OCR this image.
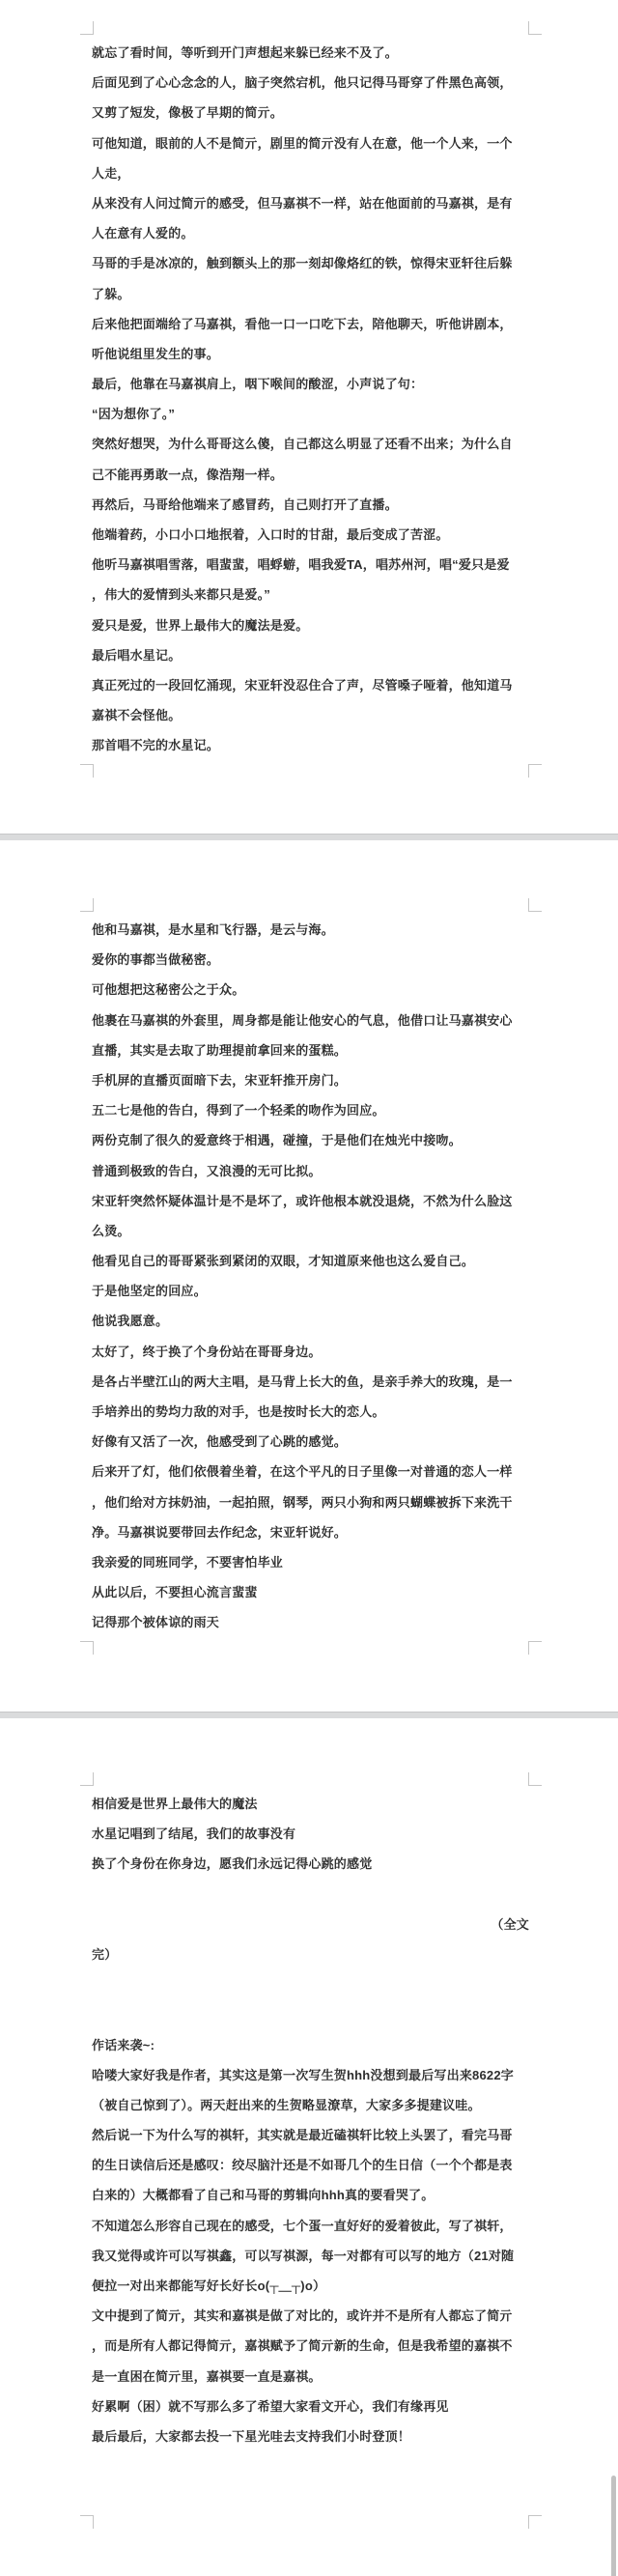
就忘了看时间，等听到开门声想起来躲已经来不及了。
后面见到了心心念念的人，脑子突然宕机，他只记得马哥穿了件黑色高领，
又剪了短发，像极了早期的简亓。
可他知道，眼前的人不是简亓，剧里的简亓没有人在意，他一个人来，一个
人走，
从来没有人问过简亓的感受，但马嘉祺不一样，站在他面前的马嘉祺，是有
人在意有人爱的。
马哥的手是冰凉的，触到额头上的那一刻却像烙红的铁，惊得宋亚轩往后躲
了躲。
后来他把面端给了马嘉祺，看他一口一口吃下去，陪他聊天，听他讲剧本，
听他说组里发生的事。
最后，他靠在马嘉祺肩上，咽下喉间的酸涩，小声说了句：
“因为想你了。”
突然好想哭，为什么哥哥这么傻，自己都这么明显了还看不出来；为什么自
己不能再勇敢一点，像浩翔一样。
再然后，马哥给他端来了感冒药，自己则打开了直播。
他端着药，小口小口地抿着，入口时的甘甜，最后变成了苦涩。
他听马嘉祺唱雪落，唱蜚蜚，唱蜉蝣，唱我爱TA，唱苏州河，唱“爱只是爱
，伟大的爱情到头来都只是爱。”
爱只是爱，世界上最伟大的魔法是爱。
最后唱水星记。
真正死过的一段回忆涌现，宋亚轩没忍住合了声，尽管嗓子哑着，他知道马
嘉祺不会怪他。
那首唱不完的水星记。
他和马嘉祺，是水星和飞行器，是云与海。
爱你的事都当做秘密。
可他想把这秘密公之于众。
他裹在马嘉祺的外套里，周身都是能让他安心的气息，他借口让马嘉祺安心
直播，其实是去取了助理提前拿回来的蛋糕。
手机屏的直播页面暗下去，宋亚轩推开房门。
五二七是他的告白，得到了一个轻柔的吻作为回应。
两份克制了很久的爱意终于相遇，碰撞，于是他们在烛光中接吻。
普通到极致的告白，又浪漫的无可比拟。
宋亚轩突然怀疑体温计是不是坏了，或许他根本就没退烧，不然为什么脸这
么烫。
他看见自己的哥哥紧张到紧闭的双眼，才知道原来他也这么爱自己。
于是他坚定的回应。
他说我愿意。
太好了，终于换了个身份站在哥哥身边。
是各占半壁江山的两大主唱，是马背上长大的鱼，是亲手养大的玫瑰，是一
手培养出的势均力敌的对手，也是按时长大的恋人。
好像有又活了一次，他感受到了心跳的感觉。
后来开了灯，他们依偎着坐着，在这个平凡的日子里像一对普通的恋人一样
，他们给对方抹奶油，一起拍照，钢琴，两只小狗和两只蝴蝶被拆下来洗干
净。马嘉祺说要带回去作纪念，宋亚轩说好。
我亲爱的同班同学，不要害怕毕业
从此以后，不要担心流言蜚蜚
记得那个被体谅的雨天
相信爱是世界上最伟大的魔法
水星记唱到了结尾，我们的故事没有
换了个身份在你身边，愿我们永远记得心跳的感觉
（全文
完）
作话来袭~:
哈喽大家好我是作者，其实这是第一次写生贺hhh没想到最后写出来8622字
（被自己惊到了）。两天赶出来的生贺略显潦草，大家多多提建议哇。
然后说一下为什么写的祺轩，其实就是最近磕祺轩比较上头罢了，看完马哥
的生日读信后还是感叹：绞尽脑汁还是不如哥几个的生日信（一个个都是表
白来的）大概都看了自己和马哥的剪辑向hhh真的要看哭了。
不知道怎么形容自己现在的感受，七个蛋一直好好的爱着彼此，写了祺轩，
我又觉得或许可以写祺鑫，可以写祺源，每一对都有可以写的地方（21对随
便拉一对出来都能写好长好长o(┬＿┬)o）
文中提到了简亓，其实和嘉祺是做了对比的，或许并不是所有人都忘了简亓
，而是所有人都记得简亓，嘉祺赋予了简亓新的生命，但是我希望的嘉祺不
是一直困在简亓里，嘉祺要一直是嘉祺。
好累啊（困）就不写那么多了希望大家看文开心，我们有缘再见
最后最后，大家都去投一下星光哇去支持我们小时登顶！
